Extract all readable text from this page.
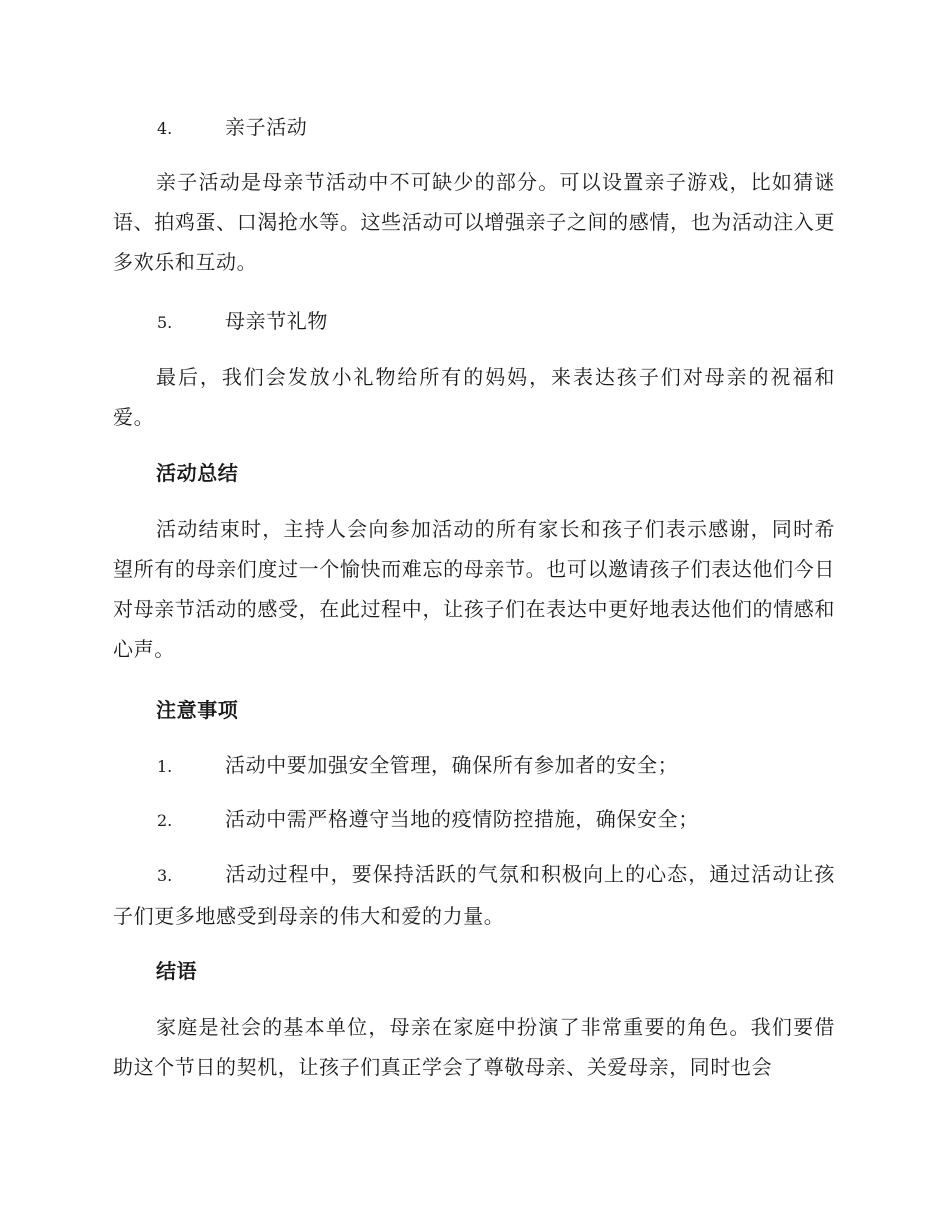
4.	亲子活动

亲子活动是母亲节活动中不可缺少的部分。可以设置亲子游戏，比如猜谜语、拍鸡蛋、口渴抢水等。这些活动可以增强亲子之间的感情，也为活动注入更多欢乐和互动。

5.	母亲节礼物

最后，我们会发放小礼物给所有的妈妈，来表达孩子们对母亲的祝福和爱。

活动总结

活动结束时，主持人会向参加活动的所有家长和孩子们表示感谢，同时希望所有的母亲们度过一个愉快而难忘的母亲节。也可以邀请孩子们表达他们今日对母亲节活动的感受，在此过程中，让孩子们在表达中更好地表达他们的情感和心声。

注意事项

1.	活动中要加强安全管理，确保所有参加者的安全；

2.	活动中需严格遵守当地的疫情防控措施，确保安全；

3.	活动过程中，要保持活跃的气氛和积极向上的心态，通过活动让孩子们更多地感受到母亲的伟大和爱的力量。

结语

家庭是社会的基本单位，母亲在家庭中扮演了非常重要的角色。我们要借助这个节日的契机，让孩子们真正学会了尊敬母亲、关爱母亲，同时也会
